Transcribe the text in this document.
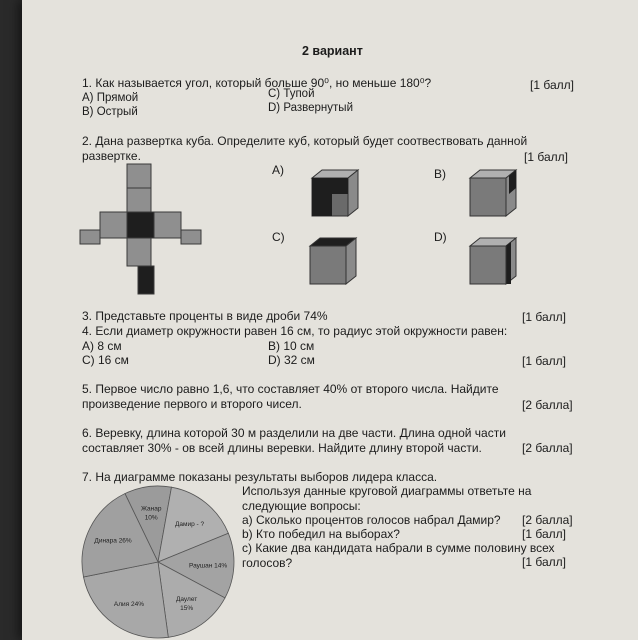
2 вариант
1. Как называется угол, который больше 90⁰, но меньше 180⁰?	[1 балл]
A) Прямой
B) Острый
C) Тупой
D) Развернутый
2. Дана развертка куба. Определите куб, который будет соотвествовать данной
развертке.	[1 балл]
A)	B)
C)	D)
3. Представьте проценты в виде дроби 74%	[1 балл]
4. Если диаметр окружности равен 16 см, то радиус этой окружности равен:
A) 8 см
C) 16 см
B) 10 см
D) 32 см	[1 балл]
5. Первое число равно 1,6, что составляет 40% от второго числа. Найдите
произведение первого и второго чисел.	[2 балла]
6. Веревку, длина которой 30 м разделили на две части. Длина одной части
составляет 30% - ов всей длины веревки. Найдите длину второй части.	[2 балла]
7. На диаграмме показаны результаты выборов лидера класса.
Используя данные круговой диаграммы ответьте на
следующие вопросы:
a) Сколько процентов голосов набрал Дамир? [2 балла]
b) Кто победил на выборах?	[1 балл]
c) Какие два кандидата набрали в сумме половину всех
голосов?	[1 балл]
Жанар
10%
Дамир - ?
Раушан 14%
Даулет
15%
Алия 24%
Динара 26%
